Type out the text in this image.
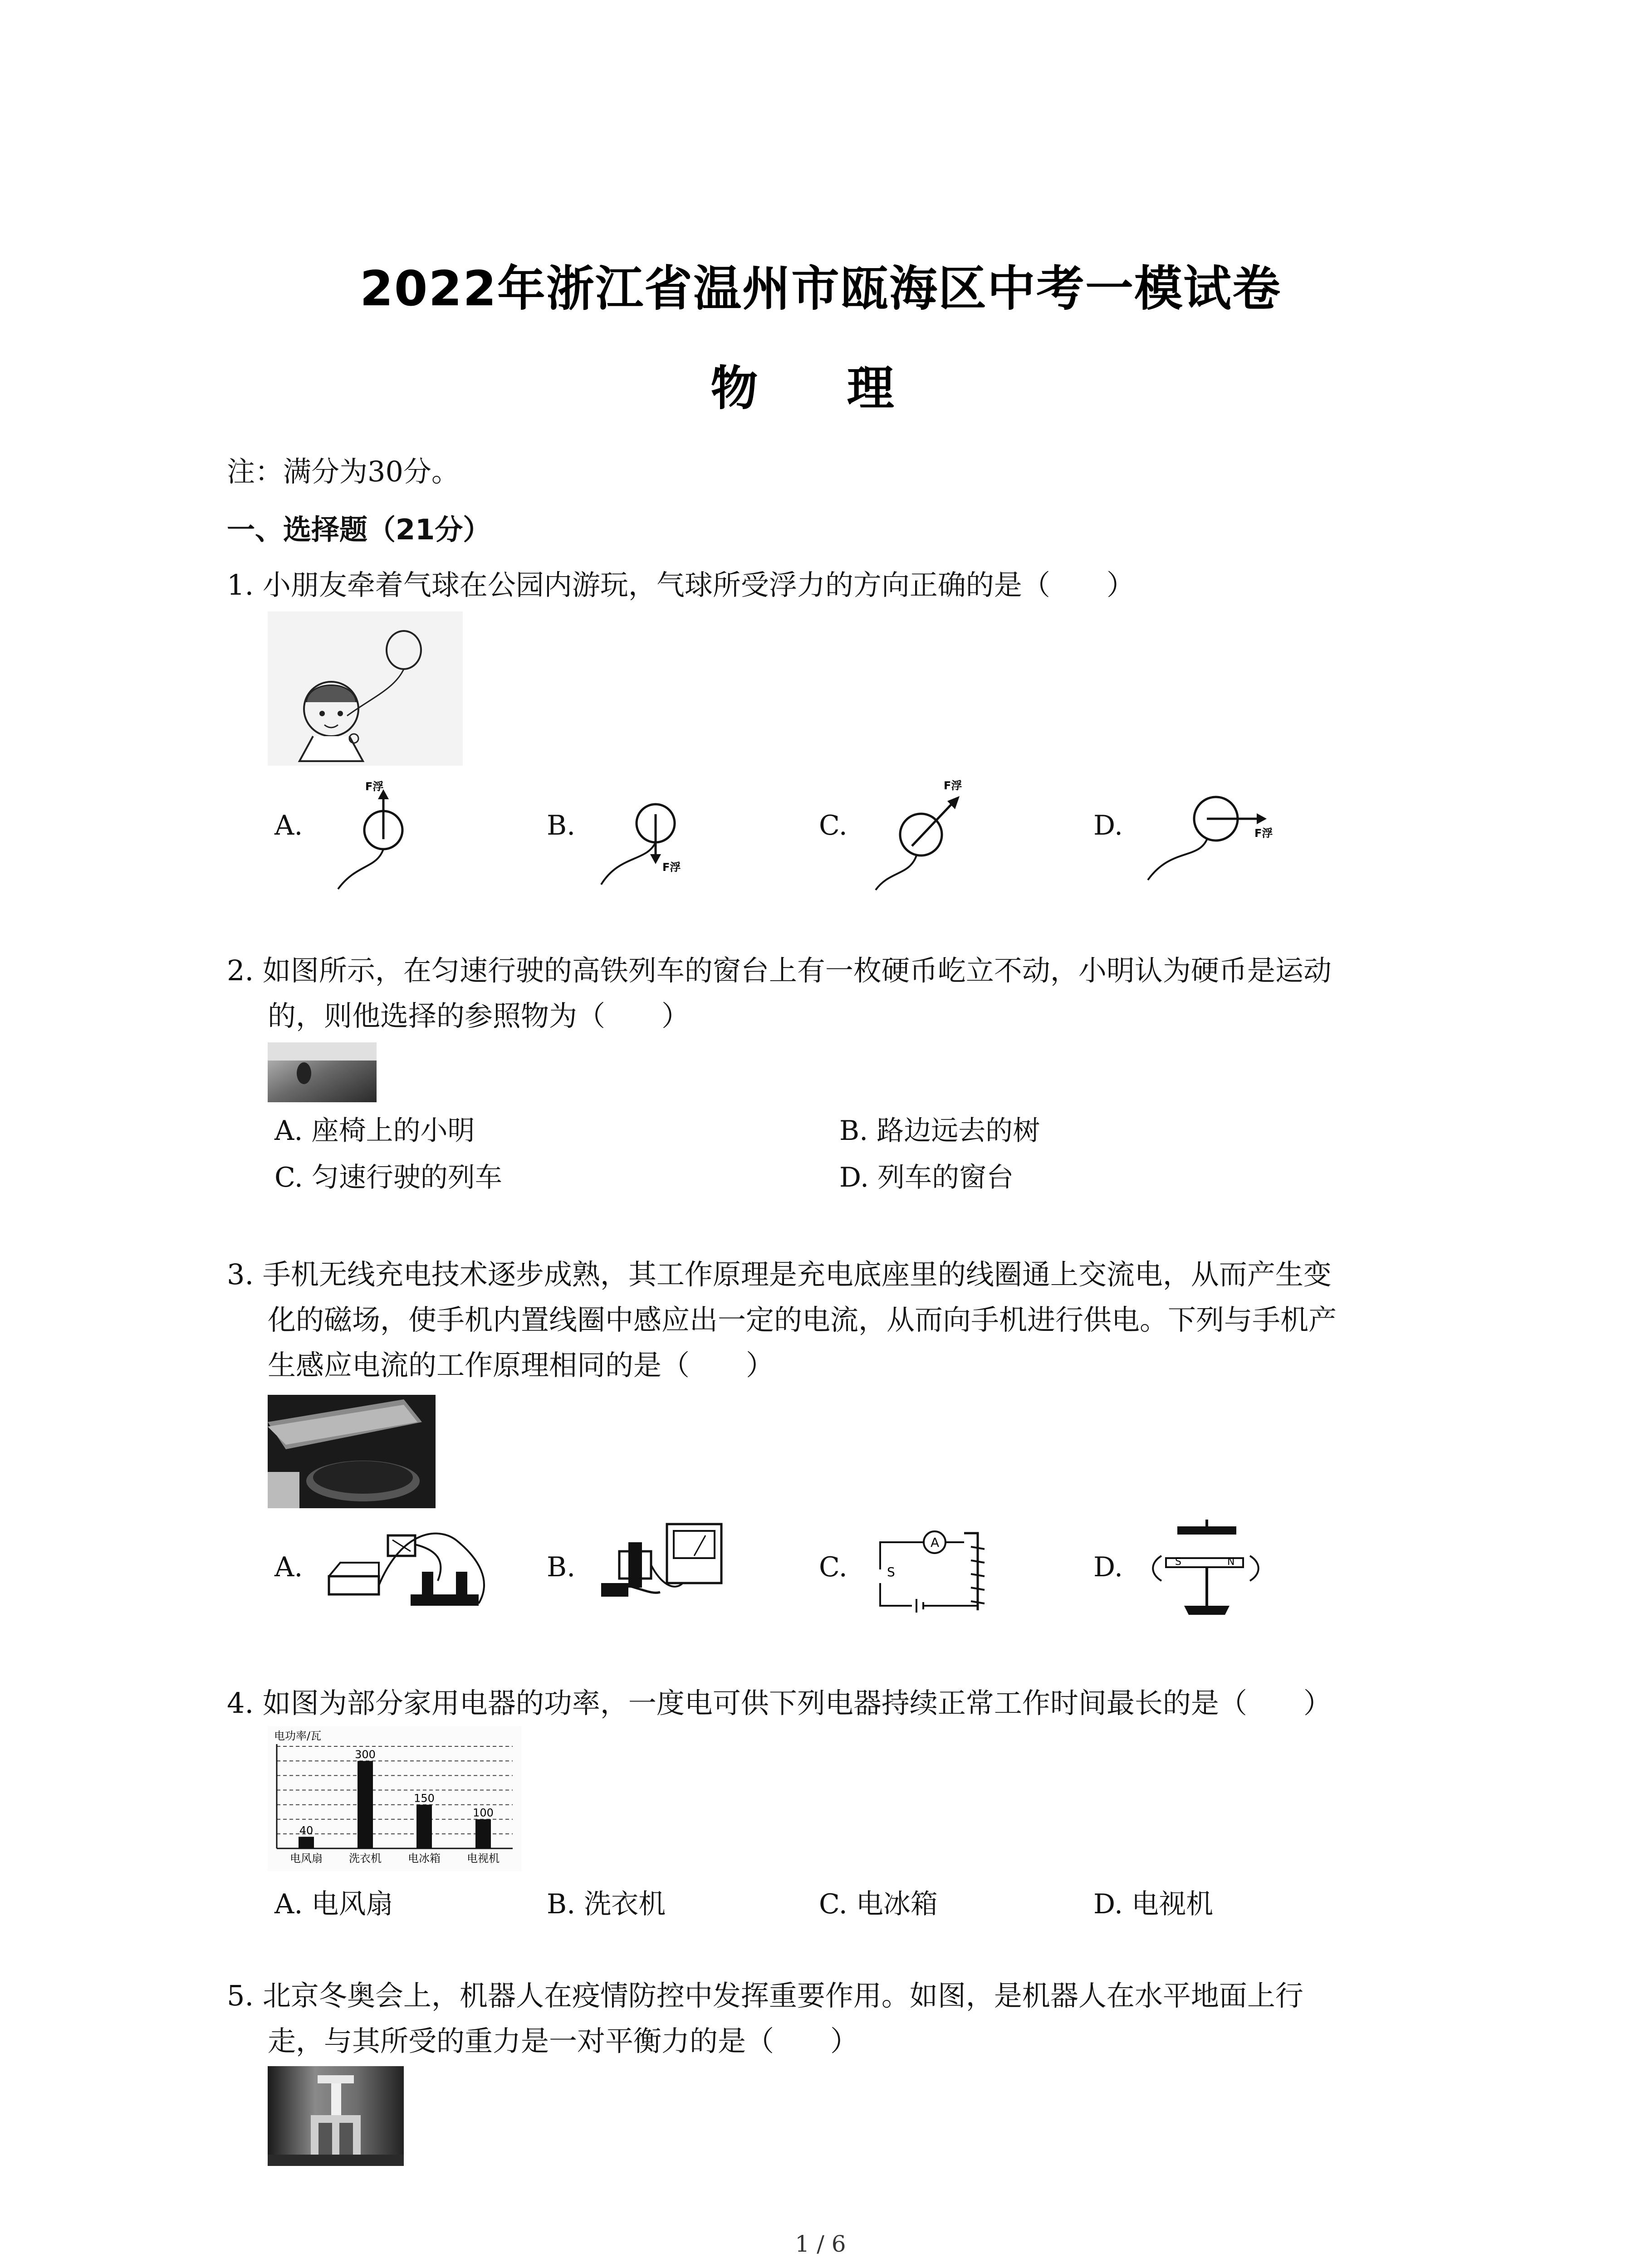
2022年浙江省温州市瓯海区中考一模试卷
物 理
注：满分为30分。
一、选择题（21分）
1. 小朋友牵着气球在公园内游玩，气球所受浮力的方向正确的是（　　）
A.
F浮
B.
F浮
C.
F浮
D.	F浮
2. 如图所示，在匀速行驶的高铁列车的窗台上有一枚硬币屹立不动，小明认为硬币是运动
的，则他选择的参照物为（　　）
A. 座椅上的小明	B. 路边远去的树
C. 匀速行驶的列车	D. 列车的窗台
3. 手机无线充电技术逐步成熟，其工作原理是充电底座里的线圈通上交流电，从而产生变
化的磁场，使手机内置线圈中感应出一定的电流，从而向手机进行供电。下列与手机产
生感应电流的工作原理相同的是（　　）
A.	B.	C.
A
S	D.	S	N
4. 如图为部分家用电器的功率，一度电可供下列电器持续正常工作时间最长的是（　　）
电功率/瓦
40
电风扇
300
洗衣机
150
电冰箱
100
电视机
A. 电风扇	B. 洗衣机	C. 电冰箱	D. 电视机
5. 北京冬奥会上，机器人在疫情防控中发挥重要作用。如图，是机器人在水平地面上行
走，与其所受的重力是一对平衡力的是（　　）
1 / 6
